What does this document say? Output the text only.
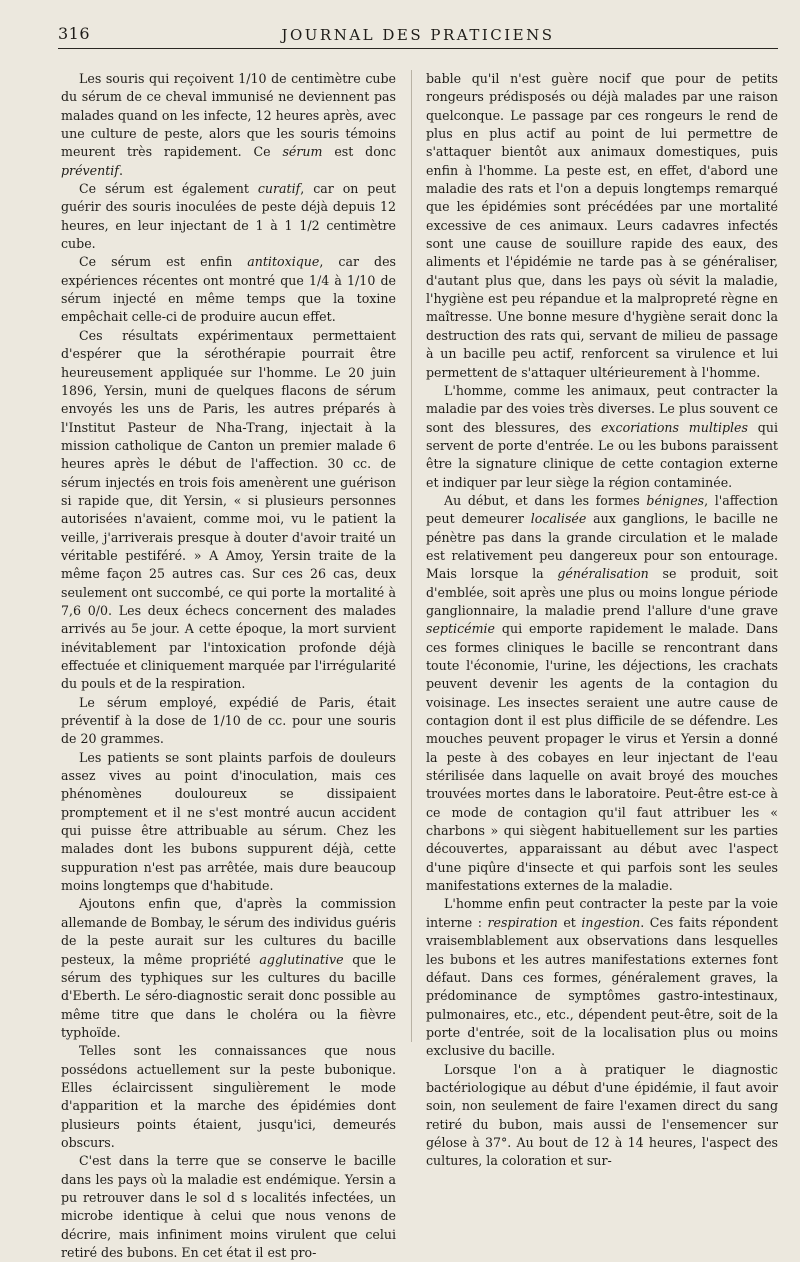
316	JOURNAL DES PRATICIENS

Les souris qui reçoivent 1/10 de centimètre cube du sérum de ce cheval immunisé ne deviennent pas malades quand on les infecte, 12 heures après, avec une culture de peste, alors que les souris témoins meurent très rapidement. Ce sérum est donc préventif.

Ce sérum est également curatif, car on peut guérir des souris inoculées de peste déjà depuis 12 heures, en leur injectant de 1 à 1 1/2 centimètre cube.

Ce sérum est enfin antitoxique, car des expériences récentes ont montré que 1/4 à 1/10 de sérum injecté en même temps que la toxine empêchait celle-ci de produire aucun effet.

Ces résultats expérimentaux permettaient d'espérer que la sérothérapie pourrait être heureusement appliquée sur l'homme. Le 20 juin 1896, Yersin, muni de quelques flacons de sérum envoyés les uns de Paris, les autres préparés à l'Institut Pasteur de Nha-Trang, injectait à la mission catholique de Canton un premier malade 6 heures après le début de l'affection. 30 cc. de sérum injectés en trois fois amenèrent une guérison si rapide que, dit Yersin, « si plusieurs personnes autorisées n'avaient, comme moi, vu le patient la veille, j'arriverais presque à douter d'avoir traité un véritable pestiféré. » A Amoy, Yersin traite de la même façon 25 autres cas. Sur ces 26 cas, deux seulement ont succombé, ce qui porte la mortalité à 7,6 0/0. Les deux échecs concernent des malades arrivés au 5e jour. A cette époque, la mort survient inévitablement par l'intoxication profonde déjà effectuée et cliniquement marquée par l'irrégularité du pouls et de la respiration.

Le sérum employé, expédié de Paris, était préventif à la dose de 1/10 de cc. pour une souris de 20 grammes.

Les patients se sont plaints parfois de douleurs assez vives au point d'inoculation, mais ces phénomènes douloureux se dissipaient promptement et il ne s'est montré aucun accident qui puisse être attribuable au sérum. Chez les malades dont les bubons suppurent déjà, cette suppuration n'est pas arrêtée, mais dure beaucoup moins longtemps que d'habitude.

Ajoutons enfin que, d'après la commission allemande de Bombay, le sérum des individus guéris de la peste aurait sur les cultures du bacille pesteux, la même propriété agglutinative que le sérum des typhiques sur les cultures du bacille d'Eberth. Le séro-diagnostic serait donc possible au même titre que dans le choléra ou la fièvre typhoïde.

Telles sont les connaissances que nous possédons actuellement sur la peste bubonique. Elles éclaircissent singulièrement le mode d'apparition et la marche des épidémies dont plusieurs points étaient, jusqu'ici, demeurés obscurs.

C'est dans la terre que se conserve le bacille dans les pays où la maladie est endémique. Yersin a pu retrouver dans le sol d s localités infectées, un microbe identique à celui que nous venons de décrire, mais infiniment moins virulent que celui retiré des bubons. En cet état il est pro-

bable qu'il n'est guère nocif que pour de petits rongeurs prédisposés ou déjà malades par une raison quelconque. Le passage par ces rongeurs le rend de plus en plus actif au point de lui permettre de s'attaquer bientôt aux animaux domestiques, puis enfin à l'homme. La peste est, en effet, d'abord une maladie des rats et l'on a depuis longtemps remarqué que les épidémies sont précédées par une mortalité excessive de ces animaux. Leurs cadavres infectés sont une cause de souillure rapide des eaux, des aliments et l'épidémie ne tarde pas à se généraliser, d'autant plus que, dans les pays où sévit la maladie, l'hygiène est peu répandue et la malpropreté règne en maîtresse. Une bonne mesure d'hygiène serait donc la destruction des rats qui, servant de milieu de passage à un bacille peu actif, renforcent sa virulence et lui permettent de s'attaquer ultérieurement à l'homme.

L'homme, comme les animaux, peut contracter la maladie par des voies très diverses. Le plus souvent ce sont des blessures, des excoriations multiples qui servent de porte d'entrée. Le ou les bubons paraissent être la signature clinique de cette contagion externe et indiquer par leur siège la région contaminée.

Au début, et dans les formes bénignes, l'affection peut demeurer localisée aux ganglions, le bacille ne pénètre pas dans la grande circulation et le malade est relativement peu dangereux pour son entourage. Mais lorsque la généralisation se produit, soit d'emblée, soit après une plus ou moins longue période ganglionnaire, la maladie prend l'allure d'une grave septicémie qui emporte rapidement le malade. Dans ces formes cliniques le bacille se rencontrant dans toute l'économie, l'urine, les déjections, les crachats peuvent devenir les agents de la contagion du voisinage. Les insectes seraient une autre cause de contagion dont il est plus difficile de se défendre. Les mouches peuvent propager le virus et Yersin a donné la peste à des cobayes en leur injectant de l'eau stérilisée dans laquelle on avait broyé des mouches trouvées mortes dans le laboratoire. Peut-être est-ce à ce mode de contagion qu'il faut attribuer les « charbons » qui siègent habituellement sur les parties découvertes, apparaissant au début avec l'aspect d'une piqûre d'insecte et qui parfois sont les seules manifestations externes de la maladie.

L'homme enfin peut contracter la peste par la voie interne : respiration et ingestion. Ces faits répondent vraisemblablement aux observations dans lesquelles les bubons et les autres manifestations externes font défaut. Dans ces formes, généralement graves, la prédominance de symptômes gastro-intestinaux, pulmonaires, etc., etc., dépendent peut-être, soit de la porte d'entrée, soit de la localisation plus ou moins exclusive du bacille.

Lorsque l'on a à pratiquer le diagnostic bactériologique au début d'une épidémie, il faut avoir soin, non seulement de faire l'examen direct du sang retiré du bubon, mais aussi de l'ensemencer sur gélose à 37°. Au bout de 12 à 14 heures, l'aspect des cultures, la coloration et sur-
